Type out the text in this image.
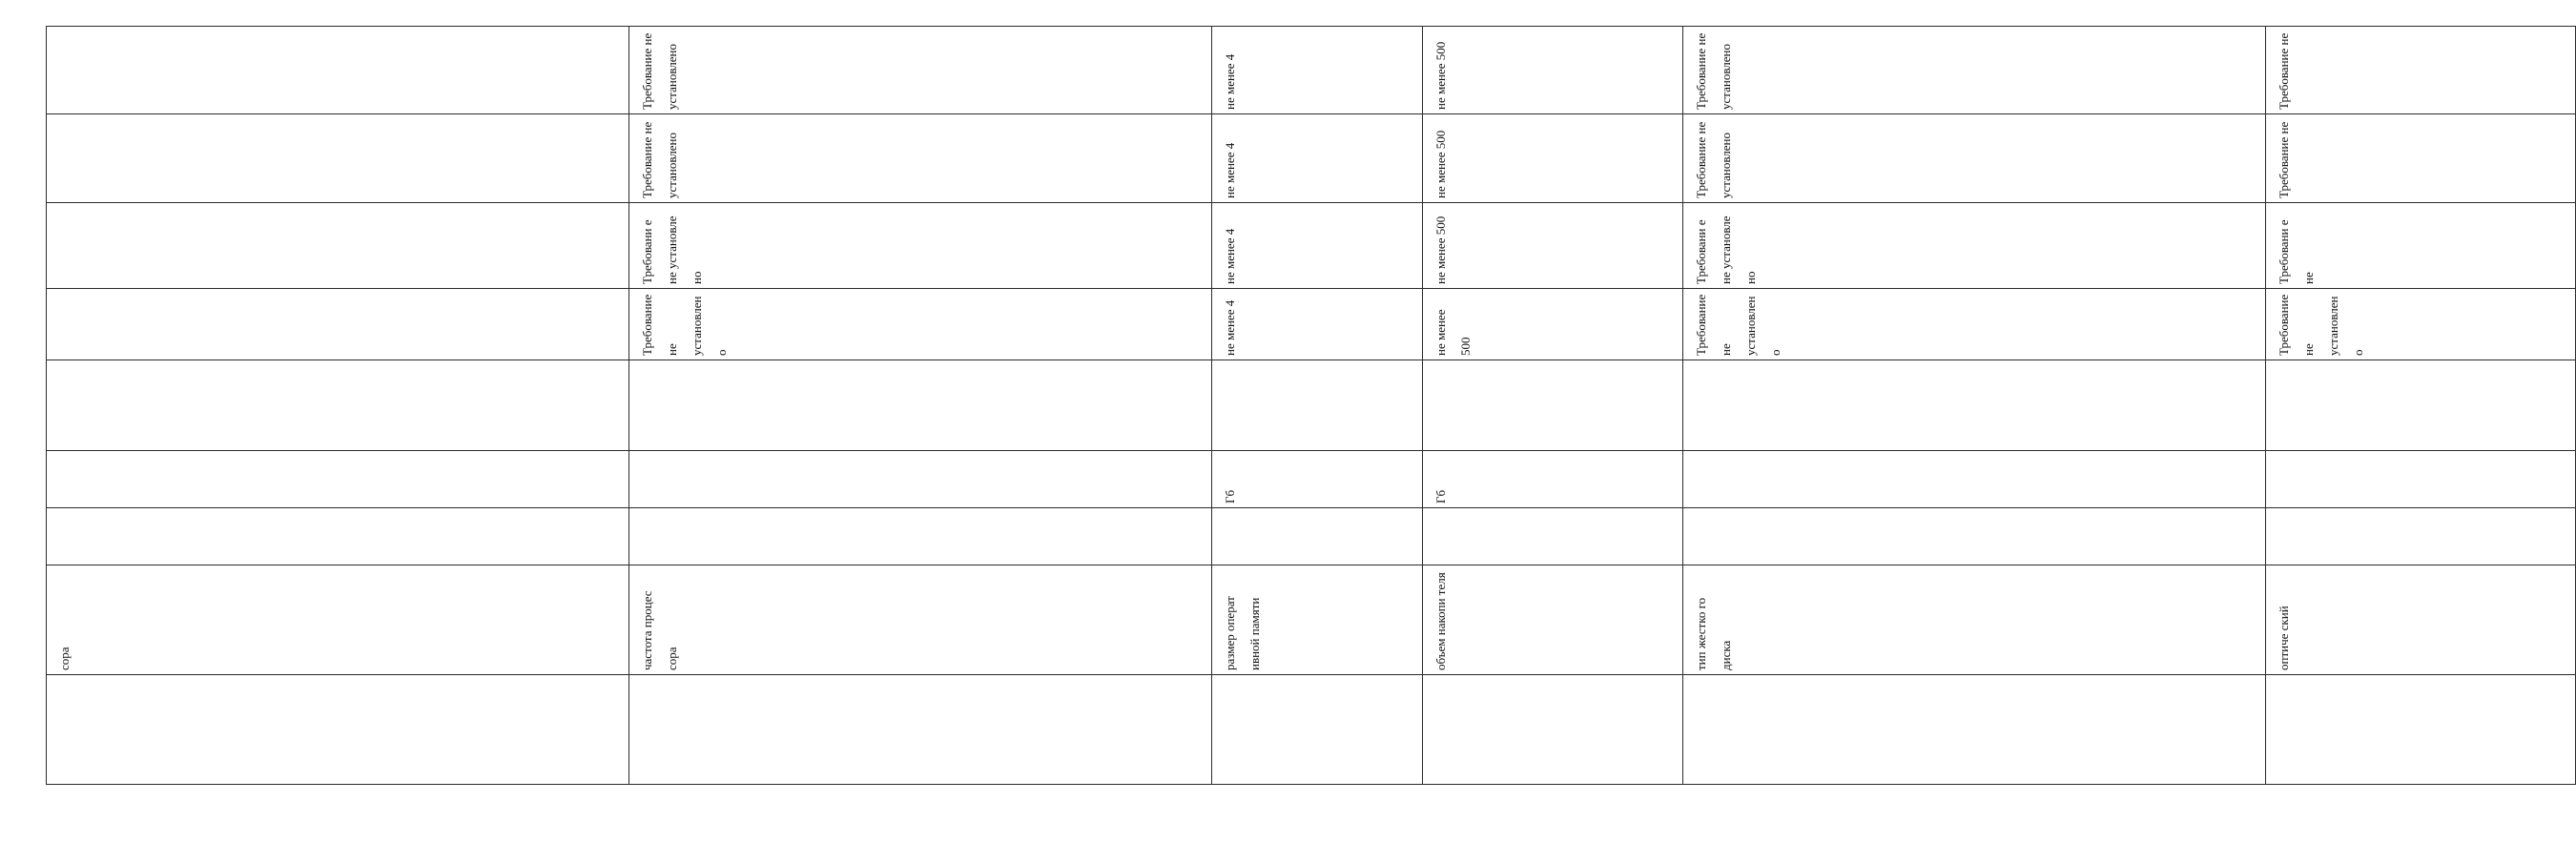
	сора								
	частота процес сора				Требование не установлено	Требовани е не установле но	Требование не установлено	Требование не установлено	
	размер операт ивной памяти		Гб		не менее 4	не менее 4	не менее 4	не менее 4	
	объем накопи теля		Гб		не менее 500	не менее 500	не менее 500	не менее 500	
	тип жестко го диска				Требование не установлено	Требовани е не установле но	Требование не установлено	Требование не установлено	
	оптиче ский				Требование не установлено	Требовани е не	Требование не	Требование не	
